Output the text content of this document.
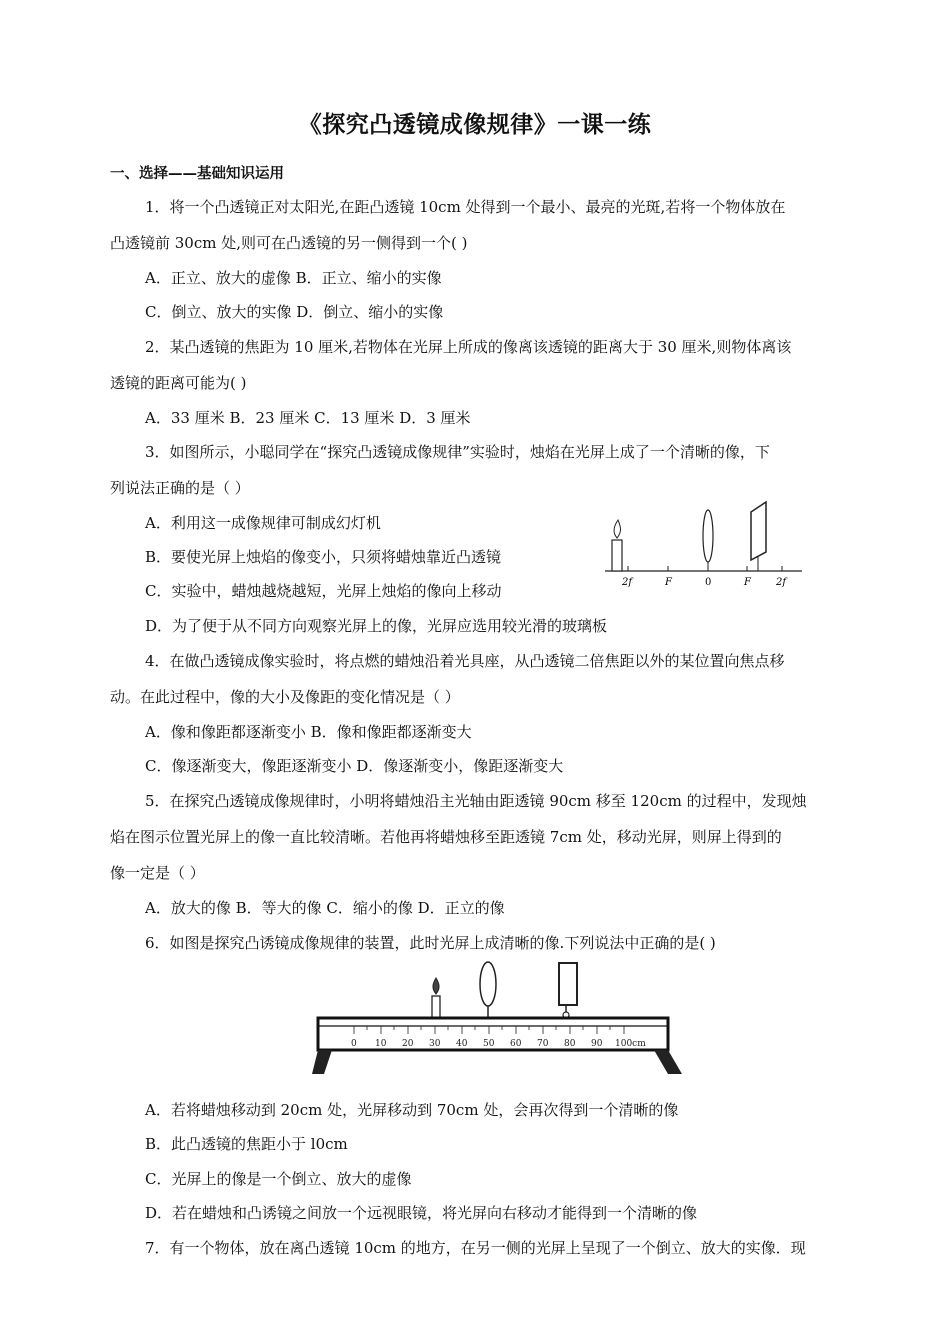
《探究凸透镜成像规律》一课一练
一、选择——基础知识运用
1．将一个凸透镜正对太阳光,在距凸透镜 10cm 处得到一个最小、最亮的光斑,若将一个物体放在
凸透镜前 30cm 处,则可在凸透镜的另一侧得到一个( )
A．正立、放大的虚像 B．正立、缩小的实像
C．倒立、放大的实像 D．倒立、缩小的实像
2．某凸透镜的焦距为 10 厘米,若物体在光屏上所成的像离该透镜的距离大于 30 厘米,则物体离该
透镜的距离可能为( )
A．33 厘米 B．23 厘米 C．13 厘米 D．3 厘米
3．如图所示，小聪同学在“探究凸透镜成像规律”实验时，烛焰在光屏上成了一个清晰的像，下
列说法正确的是（ ）
A．利用这一成像规律可制成幻灯机
B．要使光屏上烛焰的像变小，只须将蜡烛靠近凸透镜
C．实验中，蜡烛越烧越短，光屏上烛焰的像向上移动
D．为了便于从不同方向观察光屏上的像，光屏应选用较光滑的玻璃板
2f	F	0	F	2f
4．在做凸透镜成像实验时，将点燃的蜡烛沿着光具座，从凸透镜二倍焦距以外的某位置向焦点移
动。在此过程中，像的大小及像距的变化情况是（ ）
A．像和像距都逐渐变小 B．像和像距都逐渐变大
C．像逐渐变大，像距逐渐变小 D．像逐渐变小，像距逐渐变大
5．在探究凸透镜成像规律时，小明将蜡烛沿主光轴由距透镜 90cm 移至 120cm 的过程中，发现烛
焰在图示位置光屏上的像一直比较清晰。若他再将蜡烛移至距透镜 7cm 处，移动光屏，则屏上得到的
像一定是（ ）
A．放大的像 B．等大的像 C．缩小的像 D．正立的像
6．如图是探究凸诱镜成像规律的装置，此时光屏上成清晰的像.下列说法中正确的是( )
0 10 20 30 40 50 60 70 80 90 100cm
A．若将蜡烛移动到 20cm 处，光屏移动到 70cm 处，会再次得到一个清晰的像
B．此凸透镜的焦距小于 l0cm
C．光屏上的像是一个倒立、放大的虚像
D．若在蜡烛和凸诱镜之间放一个远视眼镜，将光屏向右移动才能得到一个清晰的像
7．有一个物体，放在离凸透镜 10cm 的地方，在另一侧的光屏上呈现了一个倒立、放大的实像．现
